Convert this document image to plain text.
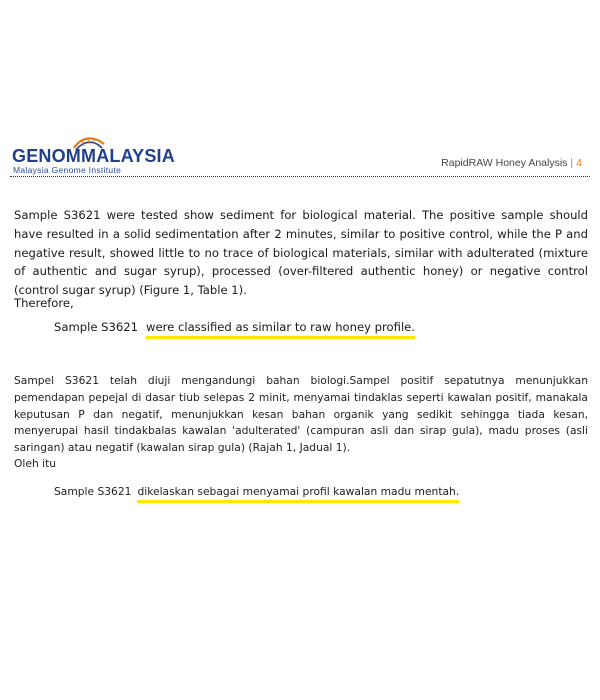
GENOMMALAYSIA
Malaysia Genome Institute
RapidRAW Honey Analysis | 4
Sample S3621 were tested show sediment for biological material. The positive sample should have resulted in a solid sedimentation after 2 minutes, similar to positive control, while the P and negative result, showed little to no trace of biological materials, similar with adulterated (mixture of authentic and sugar syrup), processed (over-filtered authentic honey) or negative control (control sugar syrup) (Figure 1, Table 1).
Therefore,
Sample S3621 were classified as similar to raw honey profile.
Sampel S3621 telah diuji mengandungi bahan biologi.Sampel positif sepatutnya menunjukkan pemendapan pepejal di dasar tiub selepas 2 minit, menyamai tindaklas seperti kawalan positif, manakala keputusan P dan negatif, menunjukkan kesan bahan organik yang sedikit sehingga tiada kesan, menyerupai hasil tindakbalas kawalan 'adulterated' (campuran asli dan sirap gula), madu proses (asli saringan) atau negatif (kawalan sirap gula) (Rajah 1, Jadual 1).
Oleh itu
Sample S3621 dikelaskan sebagai menyamai profil kawalan madu mentah.
